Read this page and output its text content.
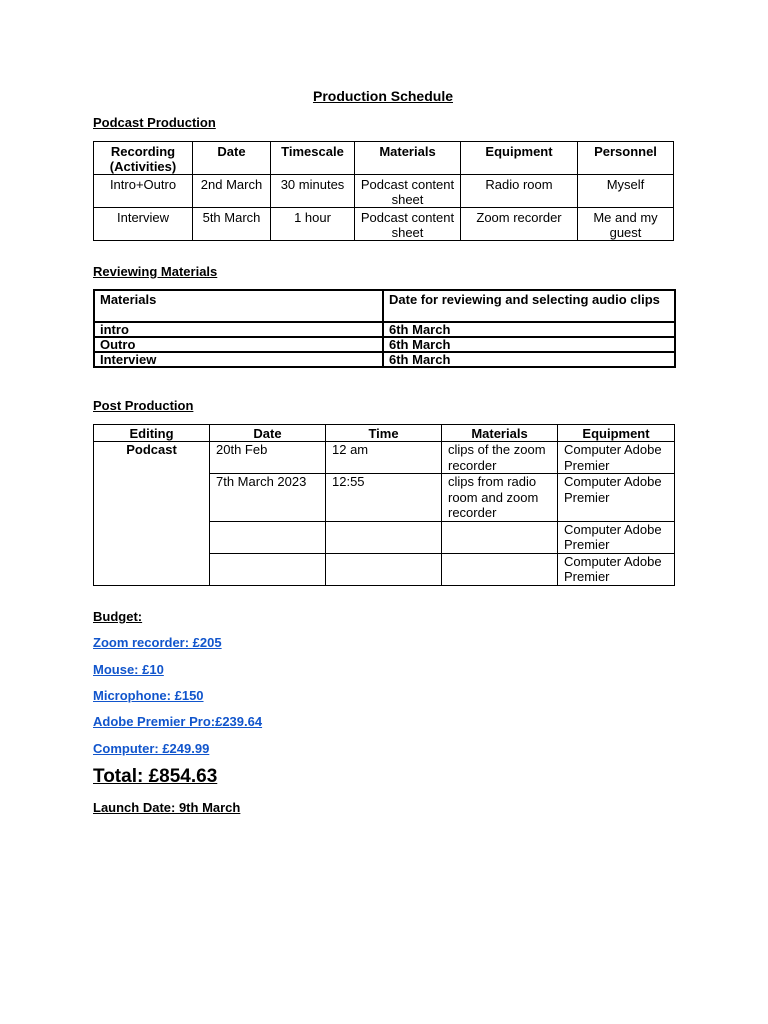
Production Schedule
Podcast Production
Recording (Activities)	Date	Timescale	Materials	Equipment	Personnel
Intro+Outro	2nd March	30 minutes	Podcast content sheet	Radio room	Myself
Interview	5th March	1 hour	Podcast content sheet	Zoom recorder	Me and my guest
Reviewing Materials
Materials	Date for reviewing and selecting audio clips
intro	6th March
Outro	6th March
Interview	6th March
Post Production
Editing	Date	Time	Materials	Equipment
Podcast	20th Feb	12 am	clips of the zoom recorder	Computer Adobe Premier
	7th March 2023	12:55	clips from radio room and zoom recorder	Computer Adobe Premier
				Computer Adobe Premier
				Computer Adobe Premier
Budget:
Zoom recorder: £205
Mouse: £10
Microphone: £150
Adobe Premier Pro:£239.64
Computer: £249.99
Total: £854.63
Launch Date: 9th March
